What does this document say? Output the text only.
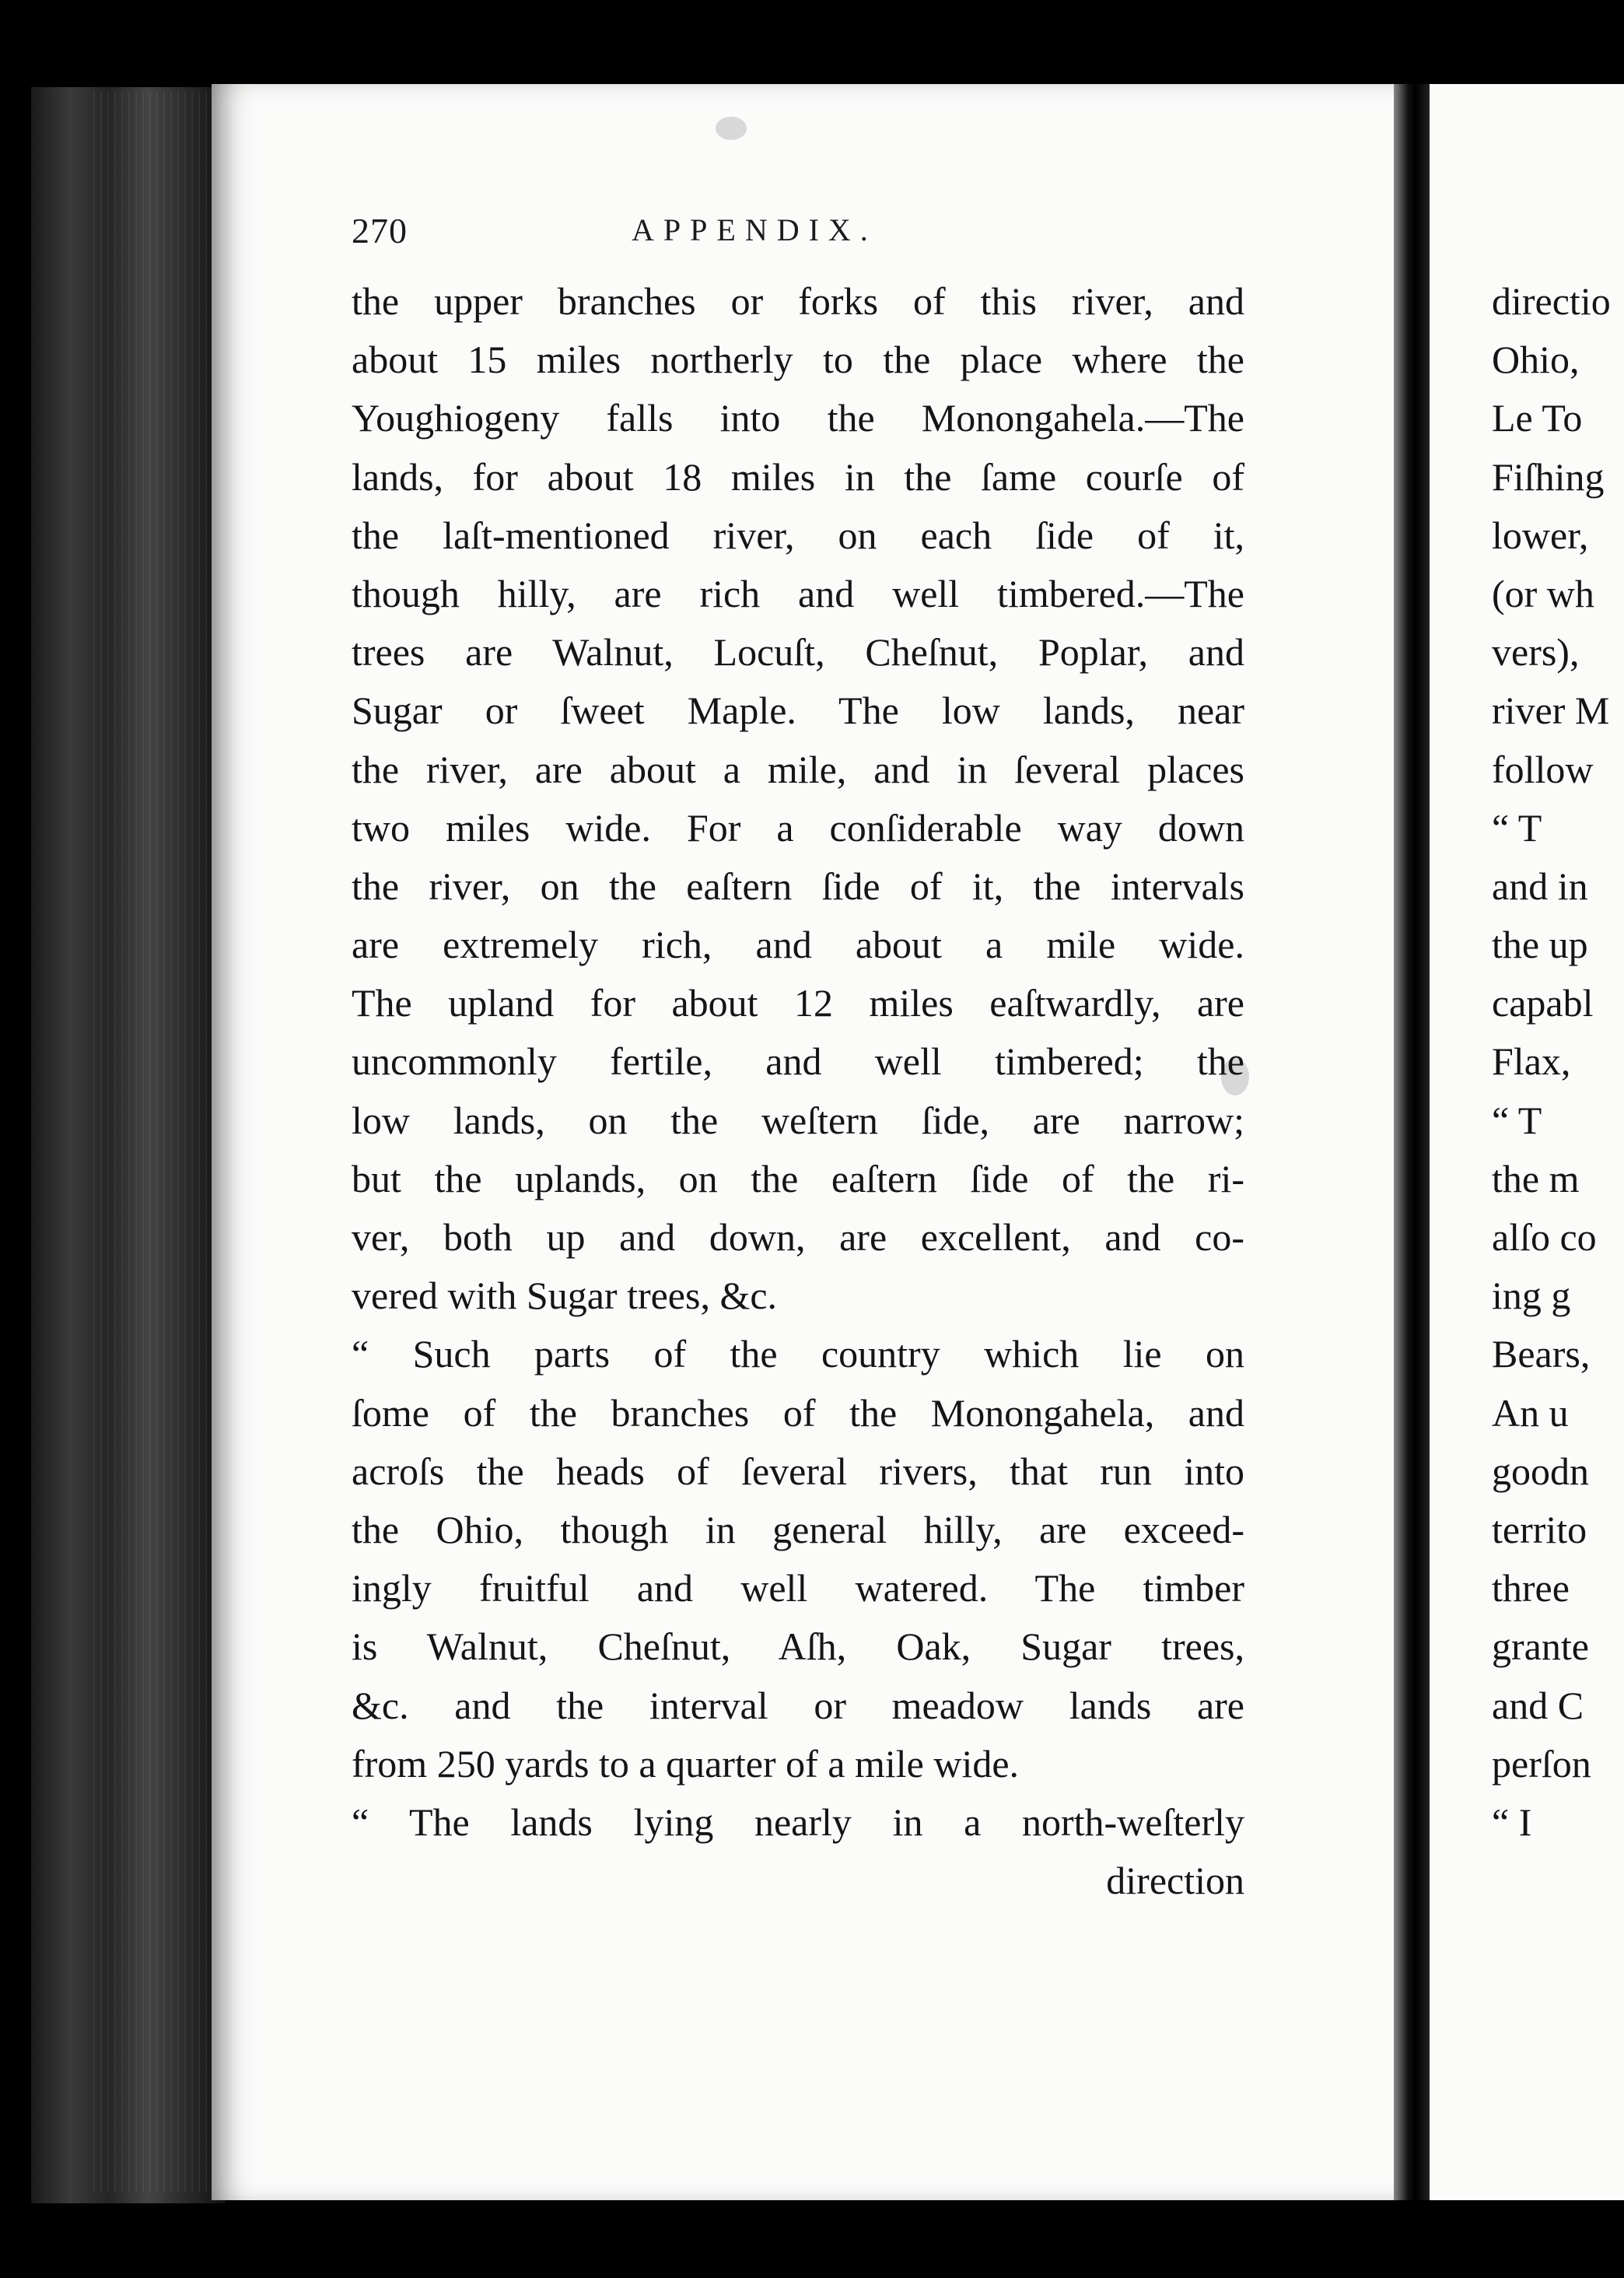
270	APPENDIX.
the upper branches or forks of this river, and
about 15 miles northerly to the place where the
Youghiogeny falls into the Monongahela.—The
lands, for about 18 miles in the ſame courſe of
the laſt-mentioned river, on each ſide of it,
though hilly, are rich and well timbered.—The
trees are Walnut, Locuſt, Cheſnut, Poplar, and
Sugar or ſweet Maple. The low lands, near
the river, are about a mile, and in ſeveral places
two miles wide. For a conſiderable way down
the river, on the eaſtern ſide of it, the intervals
are extremely rich, and about a mile wide.
The upland for about 12 miles eaſtwardly, are
uncommonly fertile, and well timbered; the
low lands, on the weſtern ſide, are narrow;
but the uplands, on the eaſtern ſide of the ri-
ver, both up and down, are excellent, and co-
vered with Sugar trees, &c.
“ Such parts of the country which lie on
ſome of the branches of the Monongahela, and
acroſs the heads of ſeveral rivers, that run into
the Ohio, though in general hilly, are exceed-
ingly fruitful and well watered. The timber
is Walnut, Cheſnut, Aſh, Oak, Sugar trees,
&c. and the interval or meadow lands are
from 250 yards to a quarter of a mile wide.
“ The lands lying nearly in a north-weſterly
direction
directio
Ohio,
Le To
Fiſhing
lower,
(or wh
vers),
river M
follow
“ T
and in
the up
capabl
Flax,
“ T
the m
alſo co
ing g
Bears,
An u
goodn
territo
three
grante
and C
perſon
“ I
